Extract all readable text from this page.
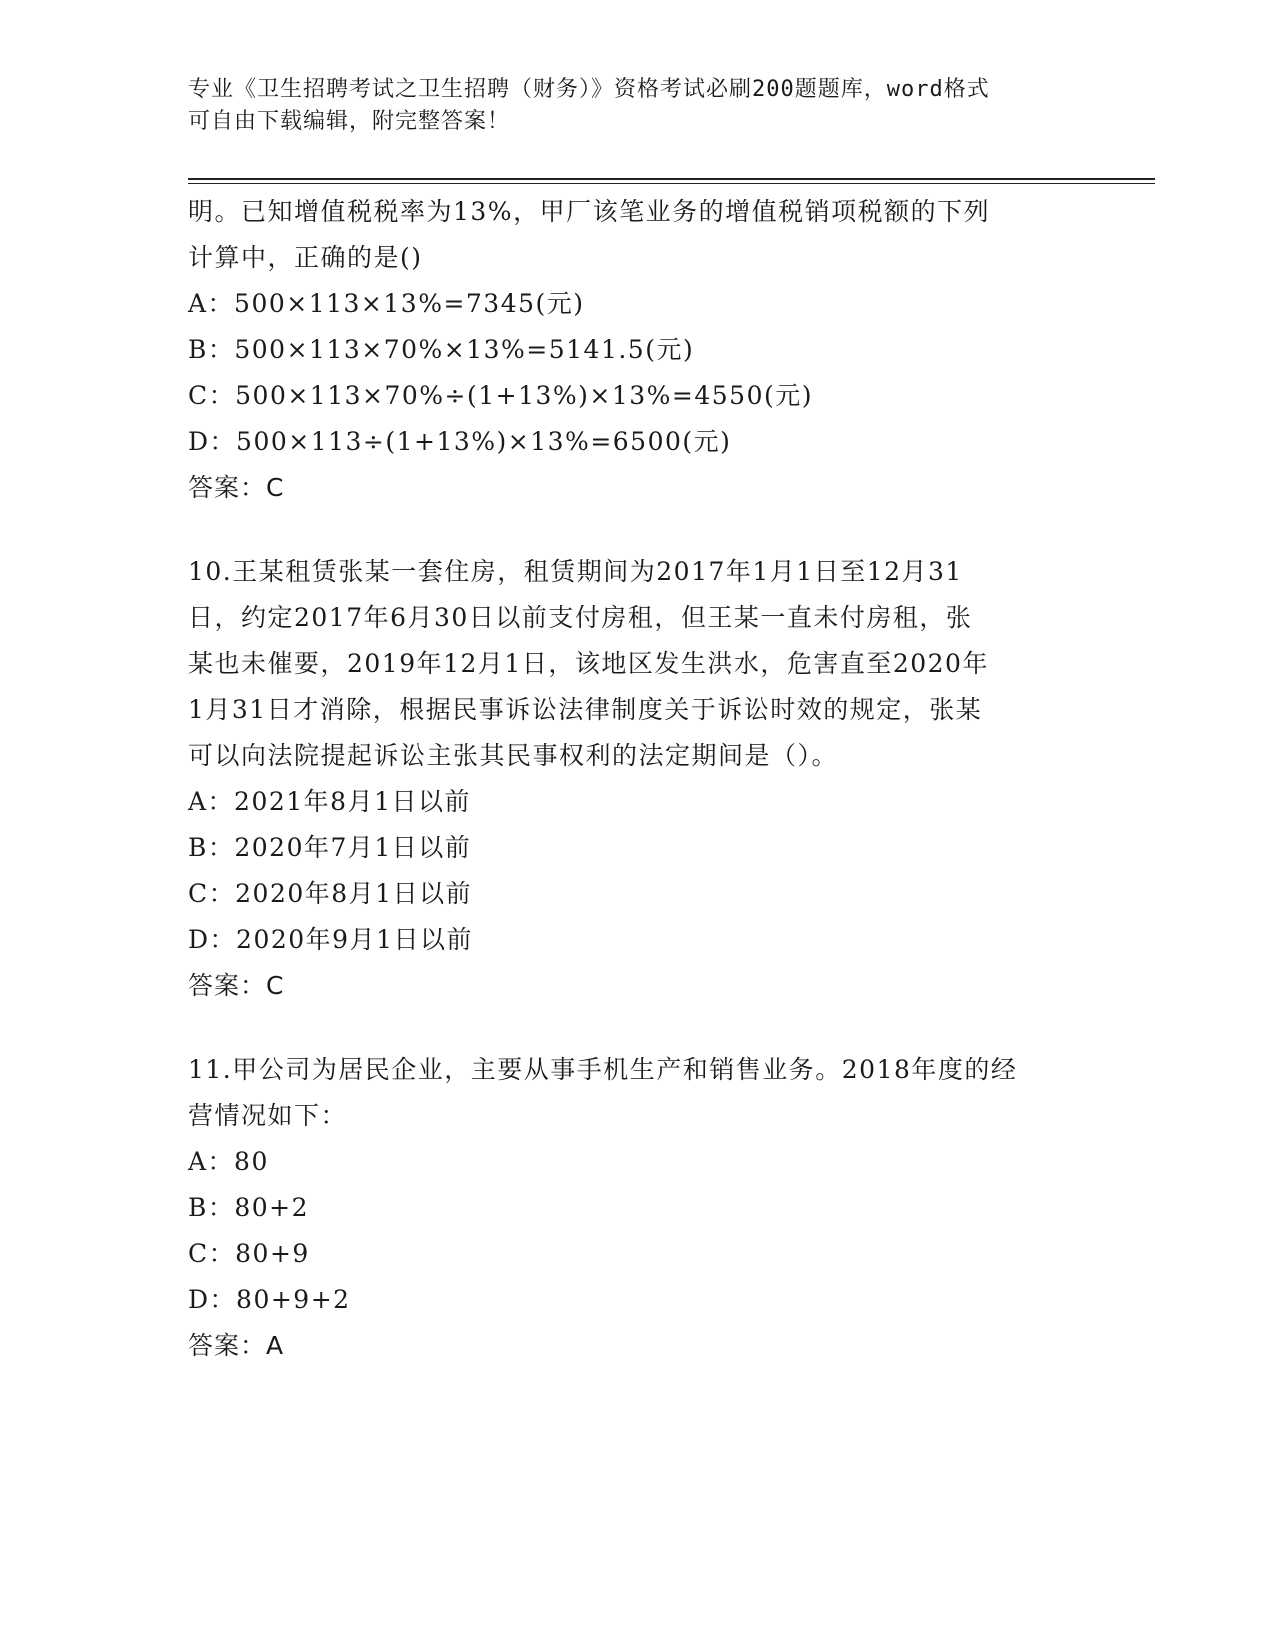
专业《卫生招聘考试之卫生招聘（财务）》资格考试必刷200题题库，word格式
可自由下载编辑，附完整答案！
明。已知增值税税率为13%，甲厂该笔业务的增值税销项税额的下列
计算中，正确的是()
A：500×113×13%=7345(元)
B：500×113×70%×13%=5141.5(元)
C：500×113×70%÷(1+13%)×13%=4550(元)
D：500×113÷(1+13%)×13%=6500(元)
答案：C
10.王某租赁张某一套住房，租赁期间为2017年1月1日至12月31
日，约定2017年6月30日以前支付房租，但王某一直未付房租，张
某也未催要，2019年12月1日，该地区发生洪水，危害直至2020年
1月31日才消除，根据民事诉讼法律制度关于诉讼时效的规定，张某
可以向法院提起诉讼主张其民事权利的法定期间是（）。
A：2021年8月1日以前
B：2020年7月1日以前
C：2020年8月1日以前
D：2020年9月1日以前
答案：C
11.甲公司为居民企业，主要从事手机生产和销售业务。2018年度的经
营情况如下：
A：80
B：80+2
C：80+9
D：80+9+2
答案：A
